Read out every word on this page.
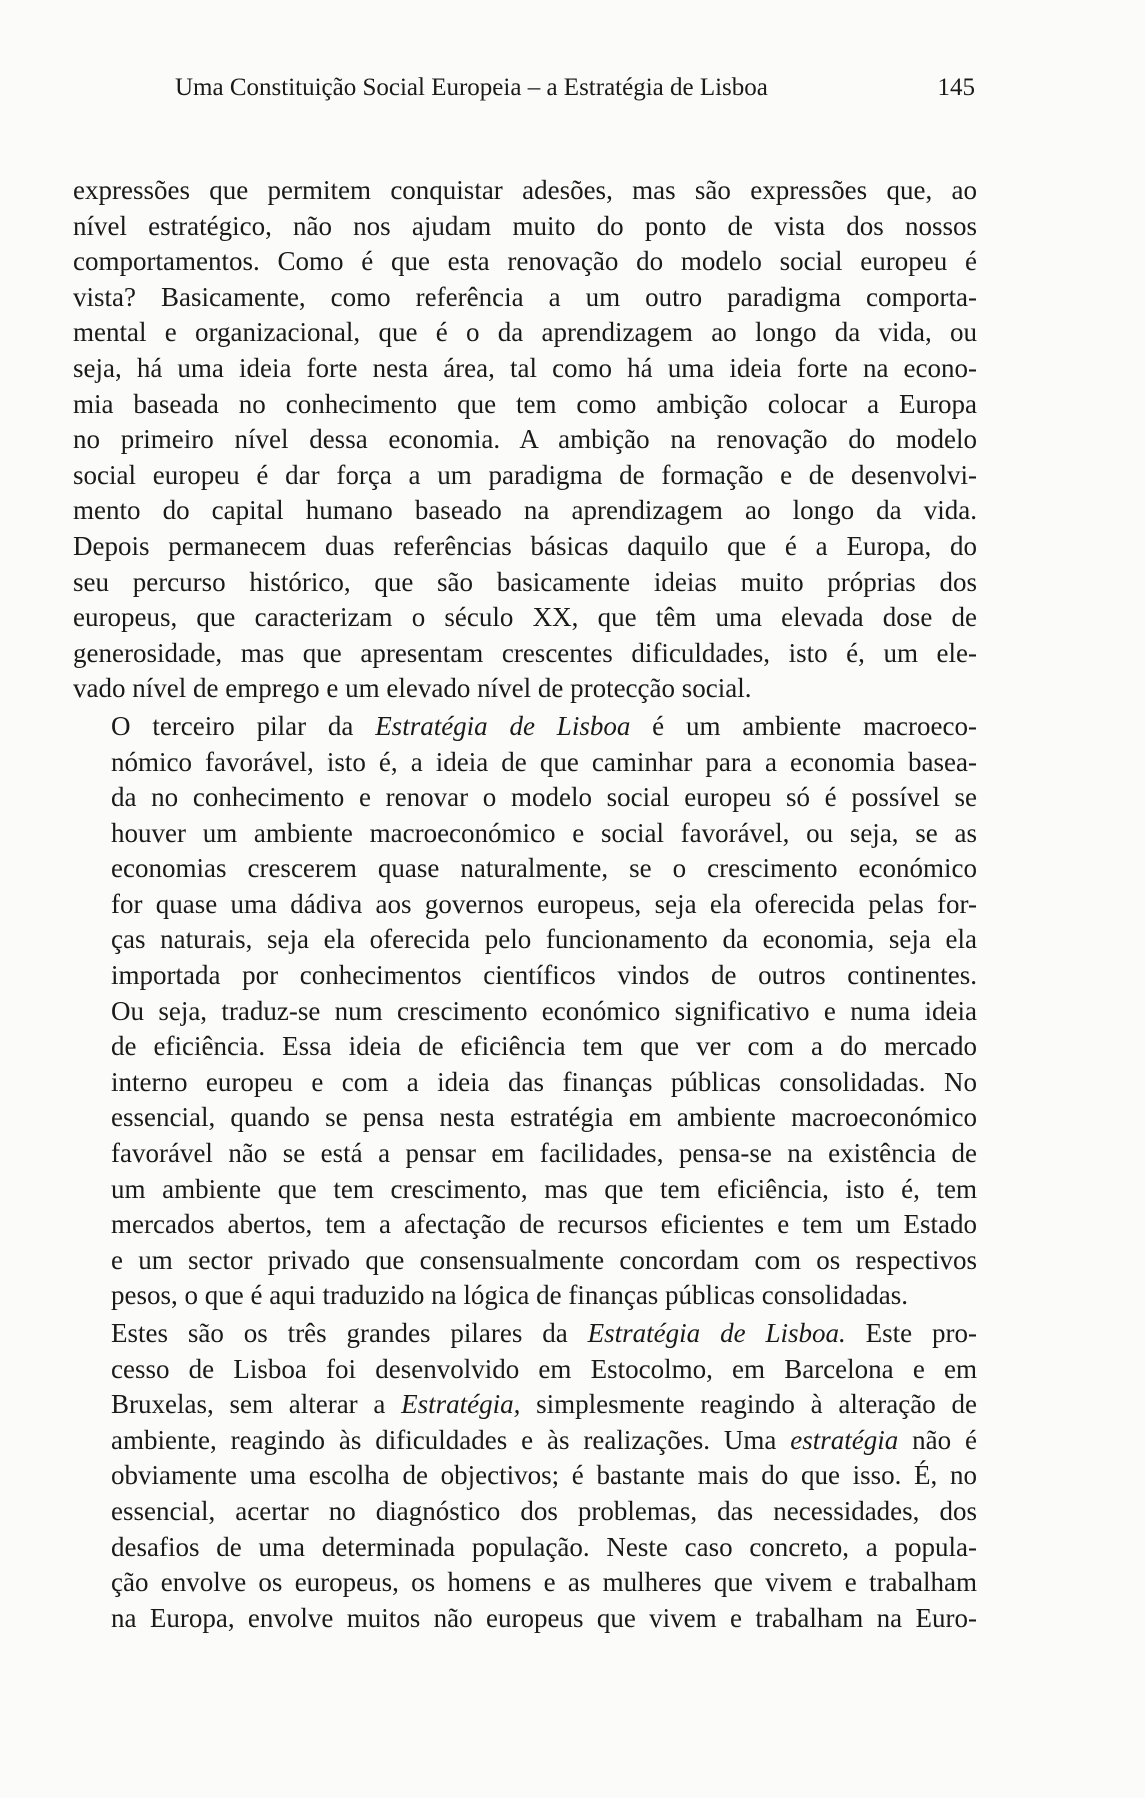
Uma Constituição Social Europeia – a Estratégia de Lisboa	145

expressões que permitem conquistar adesões, mas são expressões que, ao
nível estratégico, não nos ajudam muito do ponto de vista dos nossos
comportamentos. Como é que esta renovação do modelo social europeu é
vista? Basicamente, como referência a um outro paradigma comporta-
mental e organizacional, que é o da aprendizagem ao longo da vida, ou
seja, há uma ideia forte nesta área, tal como há uma ideia forte na econo-
mia baseada no conhecimento que tem como ambição colocar a Europa
no primeiro nível dessa economia. A ambição na renovação do modelo
social europeu é dar força a um paradigma de formação e de desenvolvi-
mento do capital humano baseado na aprendizagem ao longo da vida.
Depois permanecem duas referências básicas daquilo que é a Europa, do
seu percurso histórico, que são basicamente ideias muito próprias dos
europeus, que caracterizam o século XX, que têm uma elevada dose de
generosidade, mas que apresentam crescentes dificuldades, isto é, um ele-
vado nível de emprego e um elevado nível de protecção social.

O terceiro pilar da Estratégia de Lisboa é um ambiente macroeco-
nómico favorável, isto é, a ideia de que caminhar para a economia basea-
da no conhecimento e renovar o modelo social europeu só é possível se
houver um ambiente macroeconómico e social favorável, ou seja, se as
economias crescerem quase naturalmente, se o crescimento económico
for quase uma dádiva aos governos europeus, seja ela oferecida pelas for-
ças naturais, seja ela oferecida pelo funcionamento da economia, seja ela
importada por conhecimentos científicos vindos de outros continentes.
Ou seja, traduz-se num crescimento económico significativo e numa ideia
de eficiência. Essa ideia de eficiência tem que ver com a do mercado
interno europeu e com a ideia das finanças públicas consolidadas. No
essencial, quando se pensa nesta estratégia em ambiente macroeconómico
favorável não se está a pensar em facilidades, pensa-se na existência de
um ambiente que tem crescimento, mas que tem eficiência, isto é, tem
mercados abertos, tem a afectação de recursos eficientes e tem um Estado
e um sector privado que consensualmente concordam com os respectivos
pesos, o que é aqui traduzido na lógica de finanças públicas consolidadas.

Estes são os três grandes pilares da Estratégia de Lisboa. Este pro-
cesso de Lisboa foi desenvolvido em Estocolmo, em Barcelona e em
Bruxelas, sem alterar a Estratégia, simplesmente reagindo à alteração de
ambiente, reagindo às dificuldades e às realizações. Uma estratégia não é
obviamente uma escolha de objectivos; é bastante mais do que isso. É, no
essencial, acertar no diagnóstico dos problemas, das necessidades, dos
desafios de uma determinada população. Neste caso concreto, a popula-
ção envolve os europeus, os homens e as mulheres que vivem e trabalham
na Europa, envolve muitos não europeus que vivem e trabalham na Euro-
